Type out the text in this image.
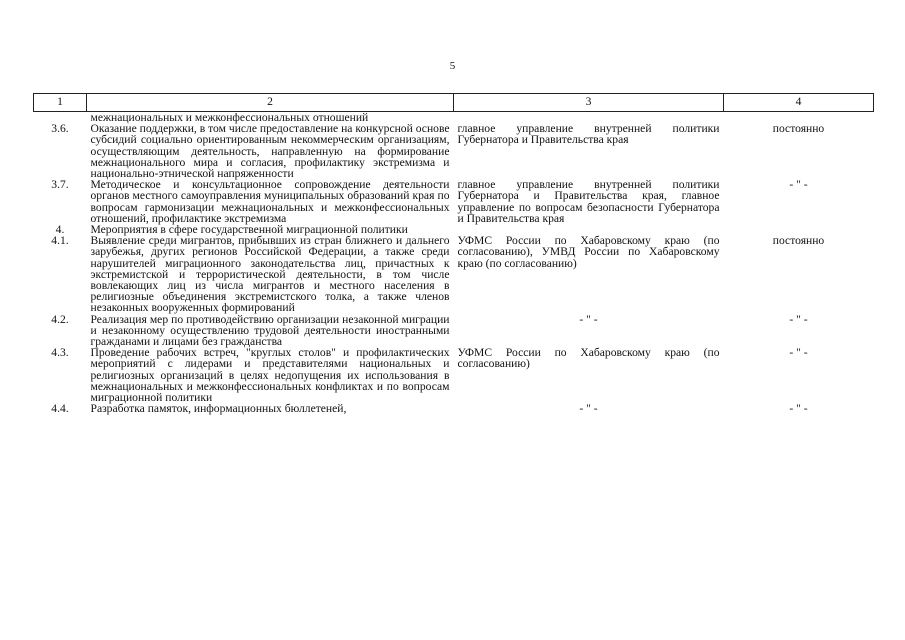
5
1	2	3	4
	межнациональных и межконфессиональных отношений		
3.6.	Оказание поддержки, в том числе предоставление на конкурсной основе субсидий социально ориентированным некоммерческим организациям, осуществляющим деятельность, направленную на формирование межнационального мира и согласия, профилактику экстремизма и национально-этнической напряженности	главное управление внутренней политики Губернатора и Правительства края	постоянно
3.7.	Методическое и консультационное сопровождение деятельности органов местного самоуправления муниципальных образований края по вопросам гармонизации межнациональных и межконфессиональных отношений, профилактике экстремизма	главное управление внутренней политики Губернатора и Правительства края, главное управление по вопросам безопасности Губернатора и Правительства края	- " -
4.	Мероприятия в сфере государственной миграционной политики		
4.1.	Выявление среди мигрантов, прибывших из стран ближнего и дальнего зарубежья, других регионов Российской Федерации, а также среди нарушителей миграционного законодательства лиц, причастных к экстремистской и террористической деятельности, в том числе вовлекающих лиц из числа мигрантов и местного населения в религиозные объединения экстремистского толка, а также членов незаконных вооруженных формирований	УФМС России по Хабаровскому краю (по согласованию), УМВД России по Хабаровскому краю (по согласованию)	постоянно
4.2.	Реализация мер по противодействию организации незаконной миграции и незаконному осуществлению трудовой деятельности иностранными гражданами и лицами без гражданства	- " -	- " -
4.3.	Проведение рабочих встреч, "круглых столов" и профилактических мероприятий с лидерами и представителями национальных и религиозных организаций в целях недопущения их использования в межнациональных и межконфессиональных конфликтах и по вопросам миграционной политики	УФМС России по Хабаровскому краю (по согласованию)	- " -
4.4.	Разработка памяток, информационных бюллетеней,	- " -	- " -
